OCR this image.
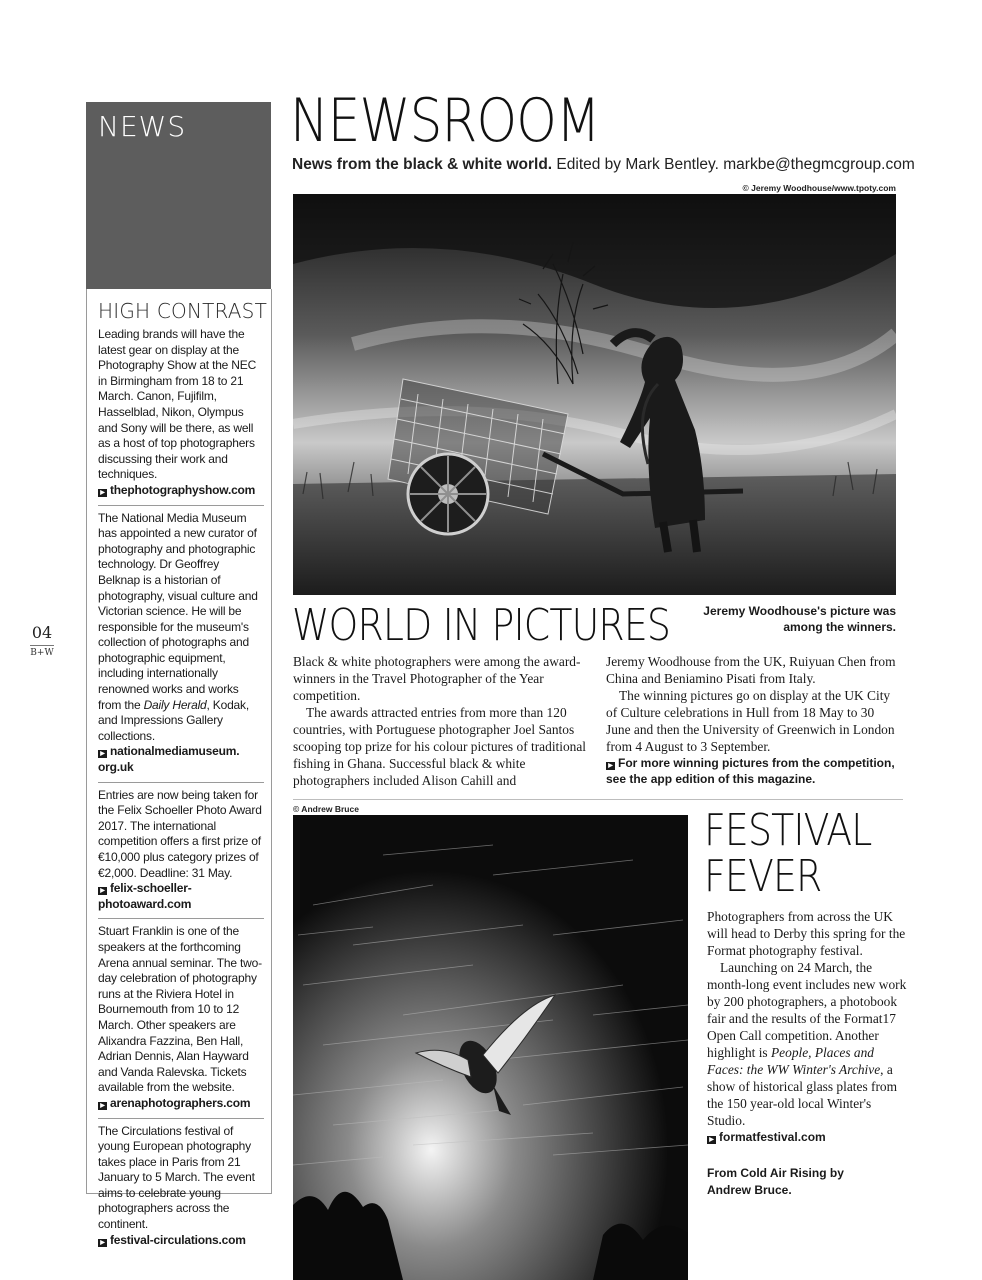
NEWS
HIGH CONTRAST

Leading brands will have the latest gear on display at the Photography Show at the NEC in Birmingham from 18 to 21 March. Canon, Fujifilm, Hasselblad, Nikon, Olympus and Sony will be there, as well as a host of top photographers discussing their work and techniques.

▶ thephotographyshow.com

The National Media Museum has appointed a new curator of photography and photographic technology. Dr Geoffrey Belknap is a historian of photography, visual culture and Victorian science. He will be responsible for the museum's collection of photographs and photographic equipment, including internationally renowned works and works from the Daily Herald, Kodak, and Impressions Gallery collections.

▶ nationalmediamuseum. org.uk

Entries are now being taken for the Felix Schoeller Photo Award 2017. The international competition offers a first prize of €10,000 plus category prizes of €2,000. Deadline: 31 May.

▶ felix-schoeller-photoaward.com

Stuart Franklin is one of the speakers at the forthcoming Arena annual seminar. The two-day celebration of photography runs at the Riviera Hotel in Bournemouth from 10 to 12 March. Other speakers are Alixandra Fazzina, Ben Hall, Adrian Dennis, Alan Hayward and Vanda Ralevska. Tickets available from the website.

▶ arenaphotographers.com

The Circulations festival of young European photography takes place in Paris from 21 January to 5 March. The event aims to celebrate young photographers across the continent.

▶ festival-circulations.com

04
B+W
NEWSROOM
News from the black & white world. Edited by Mark Bentley. markbe@thegmcgroup.com
© Jeremy Woodhouse/www.tpoty.com
WORLD IN PICTURES	Jeremy Woodhouse's picture was among the winners.

Black & white photographers were among the award-winners in the Travel Photographer of the Year competition.

The awards attracted entries from more than 120 countries, with Portuguese photographer Joel Santos scooping top prize for his colour pictures of traditional fishing in Ghana. Successful black & white photographers included Alison Cahill and

Jeremy Woodhouse from the UK, Ruiyuan Chen from China and Beniamino Pisati from Italy.

The winning pictures go on display at the UK City of Culture celebrations in Hull from 18 May to 30 June and then the University of Greenwich in London from 4 August to 3 September.

▶ For more winning pictures from the competition, see the app edition of this magazine.

© Andrew Bruce	FESTIVAL
FEVER

Photographers from across the UK will head to Derby this spring for the Format photography festival.

Launching on 24 March, the month-long event includes new work by 200 photographers, a photobook fair and the results of the Format17 Open Call competition. Another highlight is People, Places and Faces: the WW Winter's Archive, a show of historical glass plates from the 150 year-old local Winter's Studio.

▶ formatfestival.com

From Cold Air Rising by Andrew Bruce.
